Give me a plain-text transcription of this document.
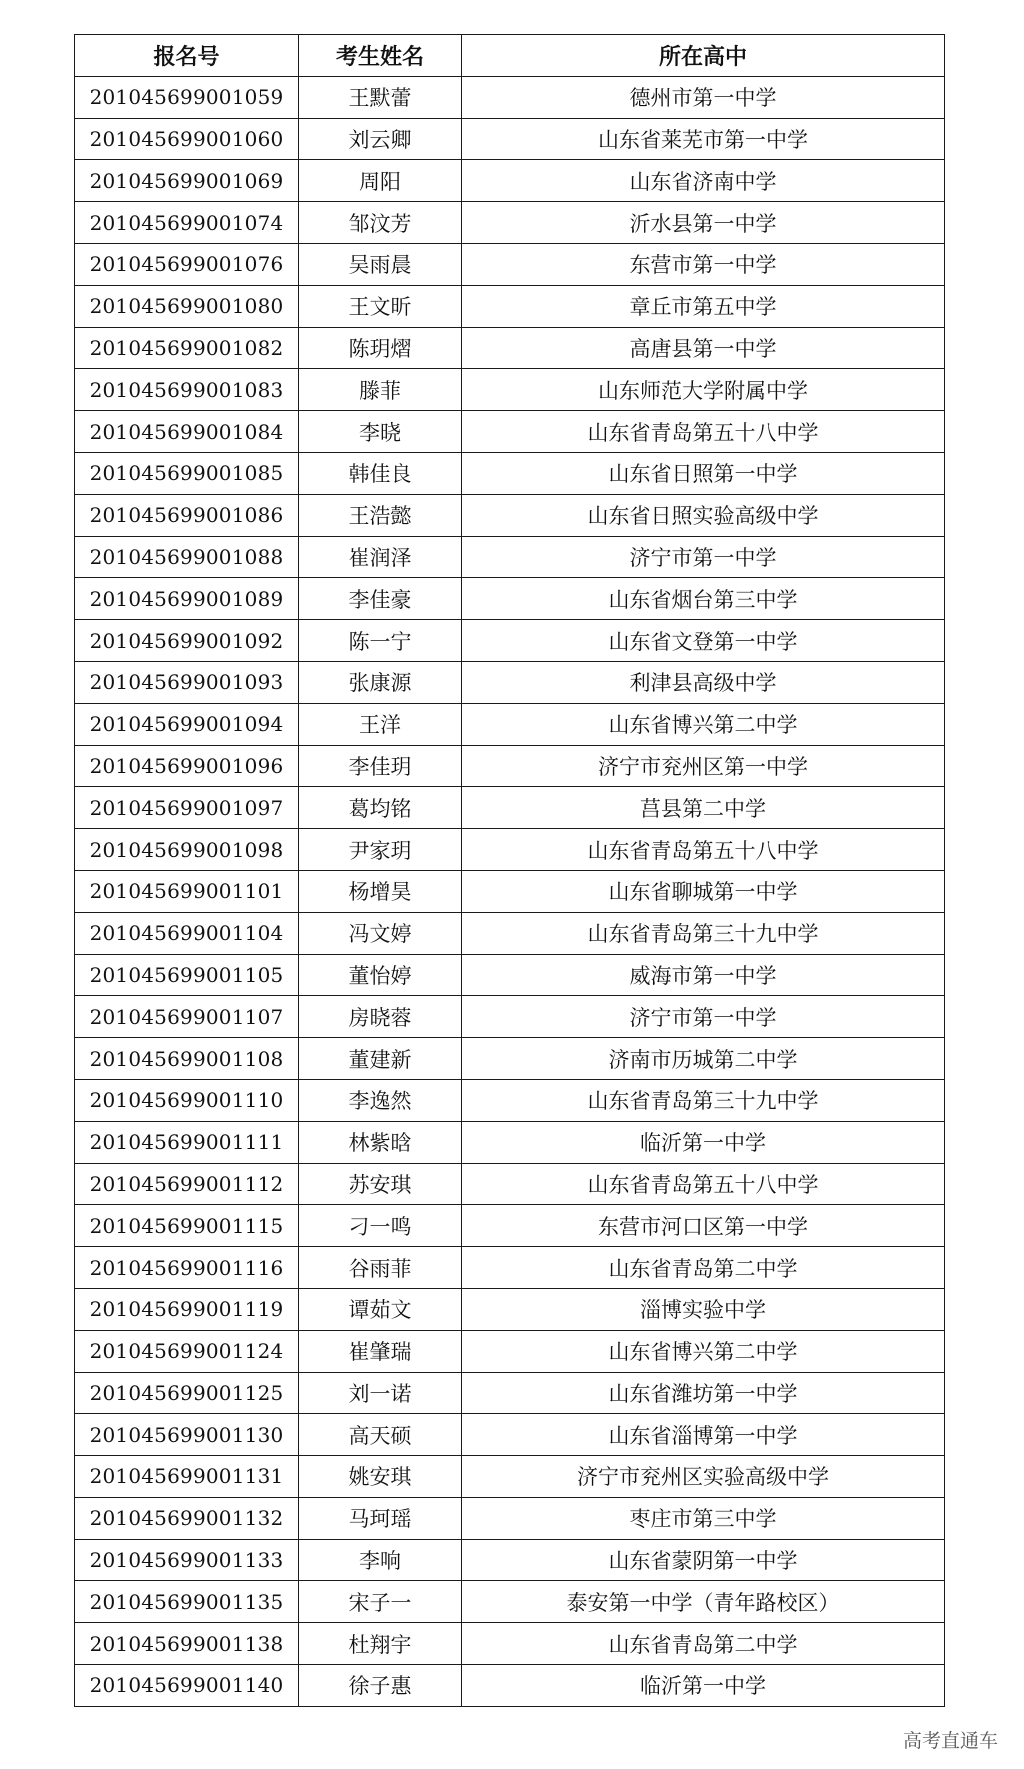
报名号	考生姓名	所在高中
201045699001059	王默蕾	德州市第一中学
201045699001060	刘云卿	山东省莱芜市第一中学
201045699001069	周阳	山东省济南中学
201045699001074	邹汶芳	沂水县第一中学
201045699001076	吴雨晨	东营市第一中学
201045699001080	王文昕	章丘市第五中学
201045699001082	陈玥熠	高唐县第一中学
201045699001083	滕菲	山东师范大学附属中学
201045699001084	李晓	山东省青岛第五十八中学
201045699001085	韩佳良	山东省日照第一中学
201045699001086	王浩懿	山东省日照实验高级中学
201045699001088	崔润泽	济宁市第一中学
201045699001089	李佳豪	山东省烟台第三中学
201045699001092	陈一宁	山东省文登第一中学
201045699001093	张康源	利津县高级中学
201045699001094	王洋	山东省博兴第二中学
201045699001096	李佳玥	济宁市兖州区第一中学
201045699001097	葛均铭	莒县第二中学
201045699001098	尹家玥	山东省青岛第五十八中学
201045699001101	杨增昊	山东省聊城第一中学
201045699001104	冯文婷	山东省青岛第三十九中学
201045699001105	董怡婷	威海市第一中学
201045699001107	房晓蓉	济宁市第一中学
201045699001108	董建新	济南市历城第二中学
201045699001110	李逸然	山东省青岛第三十九中学
201045699001111	林紫晗	临沂第一中学
201045699001112	苏安琪	山东省青岛第五十八中学
201045699001115	刁一鸣	东营市河口区第一中学
201045699001116	谷雨菲	山东省青岛第二中学
201045699001119	谭茹文	淄博实验中学
201045699001124	崔肇瑞	山东省博兴第二中学
201045699001125	刘一诺	山东省潍坊第一中学
201045699001130	高天硕	山东省淄博第一中学
201045699001131	姚安琪	济宁市兖州区实验高级中学
201045699001132	马珂瑶	枣庄市第三中学
201045699001133	李响	山东省蒙阴第一中学
201045699001135	宋子一	泰安第一中学（青年路校区）
201045699001138	杜翔宇	山东省青岛第二中学
201045699001140	徐子惠	临沂第一中学
高考直通车
